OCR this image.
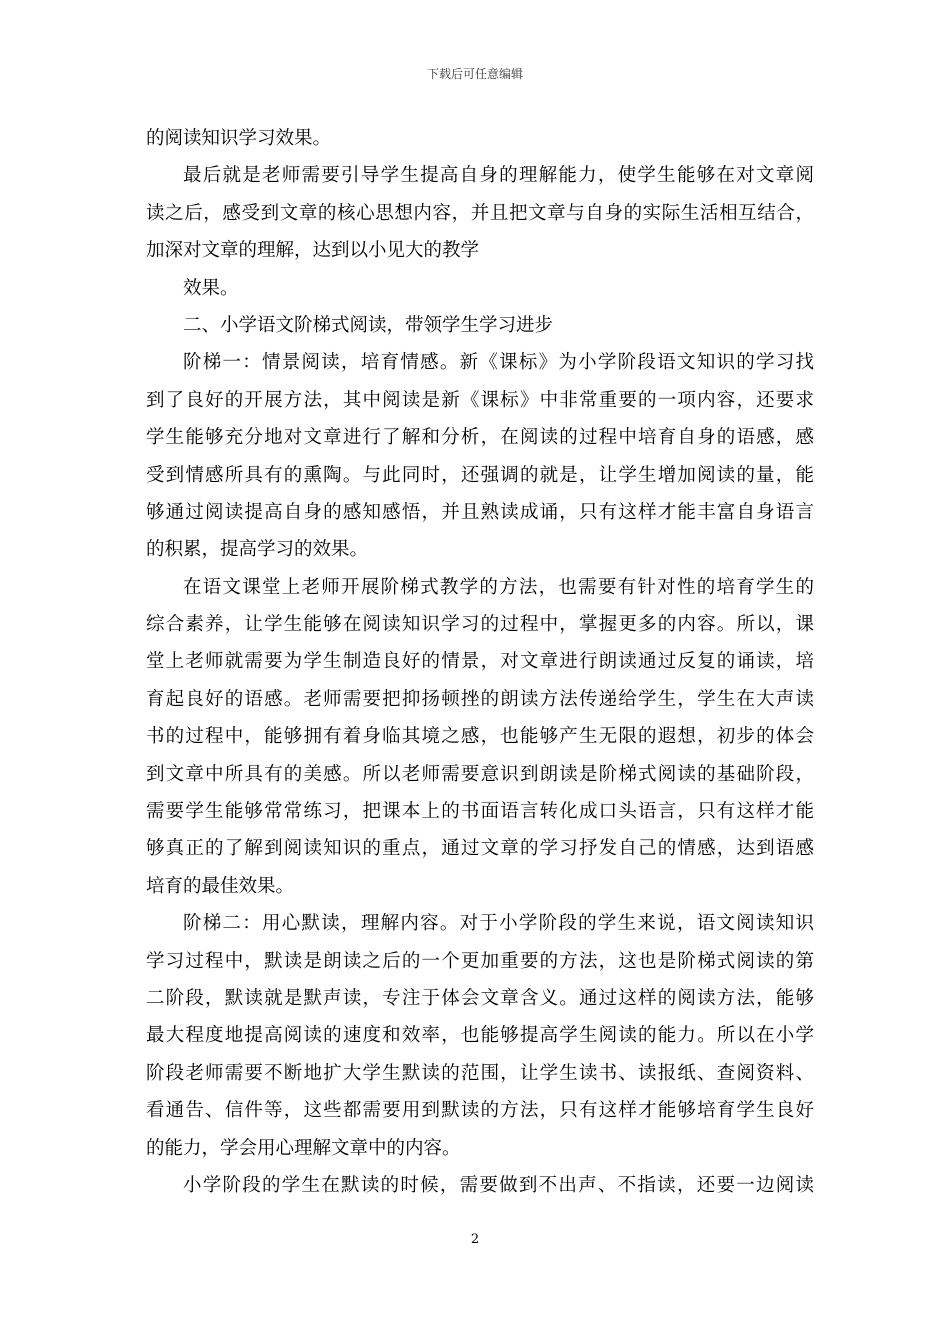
下载后可任意编辑
的阅读知识学习效果。
最后就是老师需要引导学生提高自身的理解能力，使学生能够在对文章阅
读之后，感受到文章的核心思想内容，并且把文章与自身的实际生活相互结合，
加深对文章的理解，达到以小见大的教学
效果。
二、小学语文阶梯式阅读，带领学生学习进步
阶梯一：情景阅读，培育情感。新《课标》为小学阶段语文知识的学习找
到了良好的开展方法，其中阅读是新《课标》中非常重要的一项内容，还要求
学生能够充分地对文章进行了解和分析，在阅读的过程中培育自身的语感，感
受到情感所具有的熏陶。与此同时，还强调的就是，让学生增加阅读的量，能
够通过阅读提高自身的感知感悟，并且熟读成诵，只有这样才能丰富自身语言
的积累，提高学习的效果。
在语文课堂上老师开展阶梯式教学的方法，也需要有针对性的培育学生的
综合素养，让学生能够在阅读知识学习的过程中，掌握更多的内容。所以，课
堂上老师就需要为学生制造良好的情景，对文章进行朗读通过反复的诵读，培
育起良好的语感。老师需要把抑扬顿挫的朗读方法传递给学生，学生在大声读
书的过程中，能够拥有着身临其境之感，也能够产生无限的遐想，初步的体会
到文章中所具有的美感。所以老师需要意识到朗读是阶梯式阅读的基础阶段，
需要学生能够常常练习，把课本上的书面语言转化成口头语言，只有这样才能
够真正的了解到阅读知识的重点，通过文章的学习抒发自己的情感，达到语感
培育的最佳效果。
阶梯二：用心默读，理解内容。对于小学阶段的学生来说，语文阅读知识
学习过程中，默读是朗读之后的一个更加重要的方法，这也是阶梯式阅读的第
二阶段，默读就是默声读，专注于体会文章含义。通过这样的阅读方法，能够
最大程度地提高阅读的速度和效率，也能够提高学生阅读的能力。所以在小学
阶段老师需要不断地扩大学生默读的范围，让学生读书、读报纸、查阅资料、
看通告、信件等，这些都需要用到默读的方法，只有这样才能够培育学生良好
的能力，学会用心理解文章中的内容。
小学阶段的学生在默读的时候，需要做到不出声、不指读，还要一边阅读
2
